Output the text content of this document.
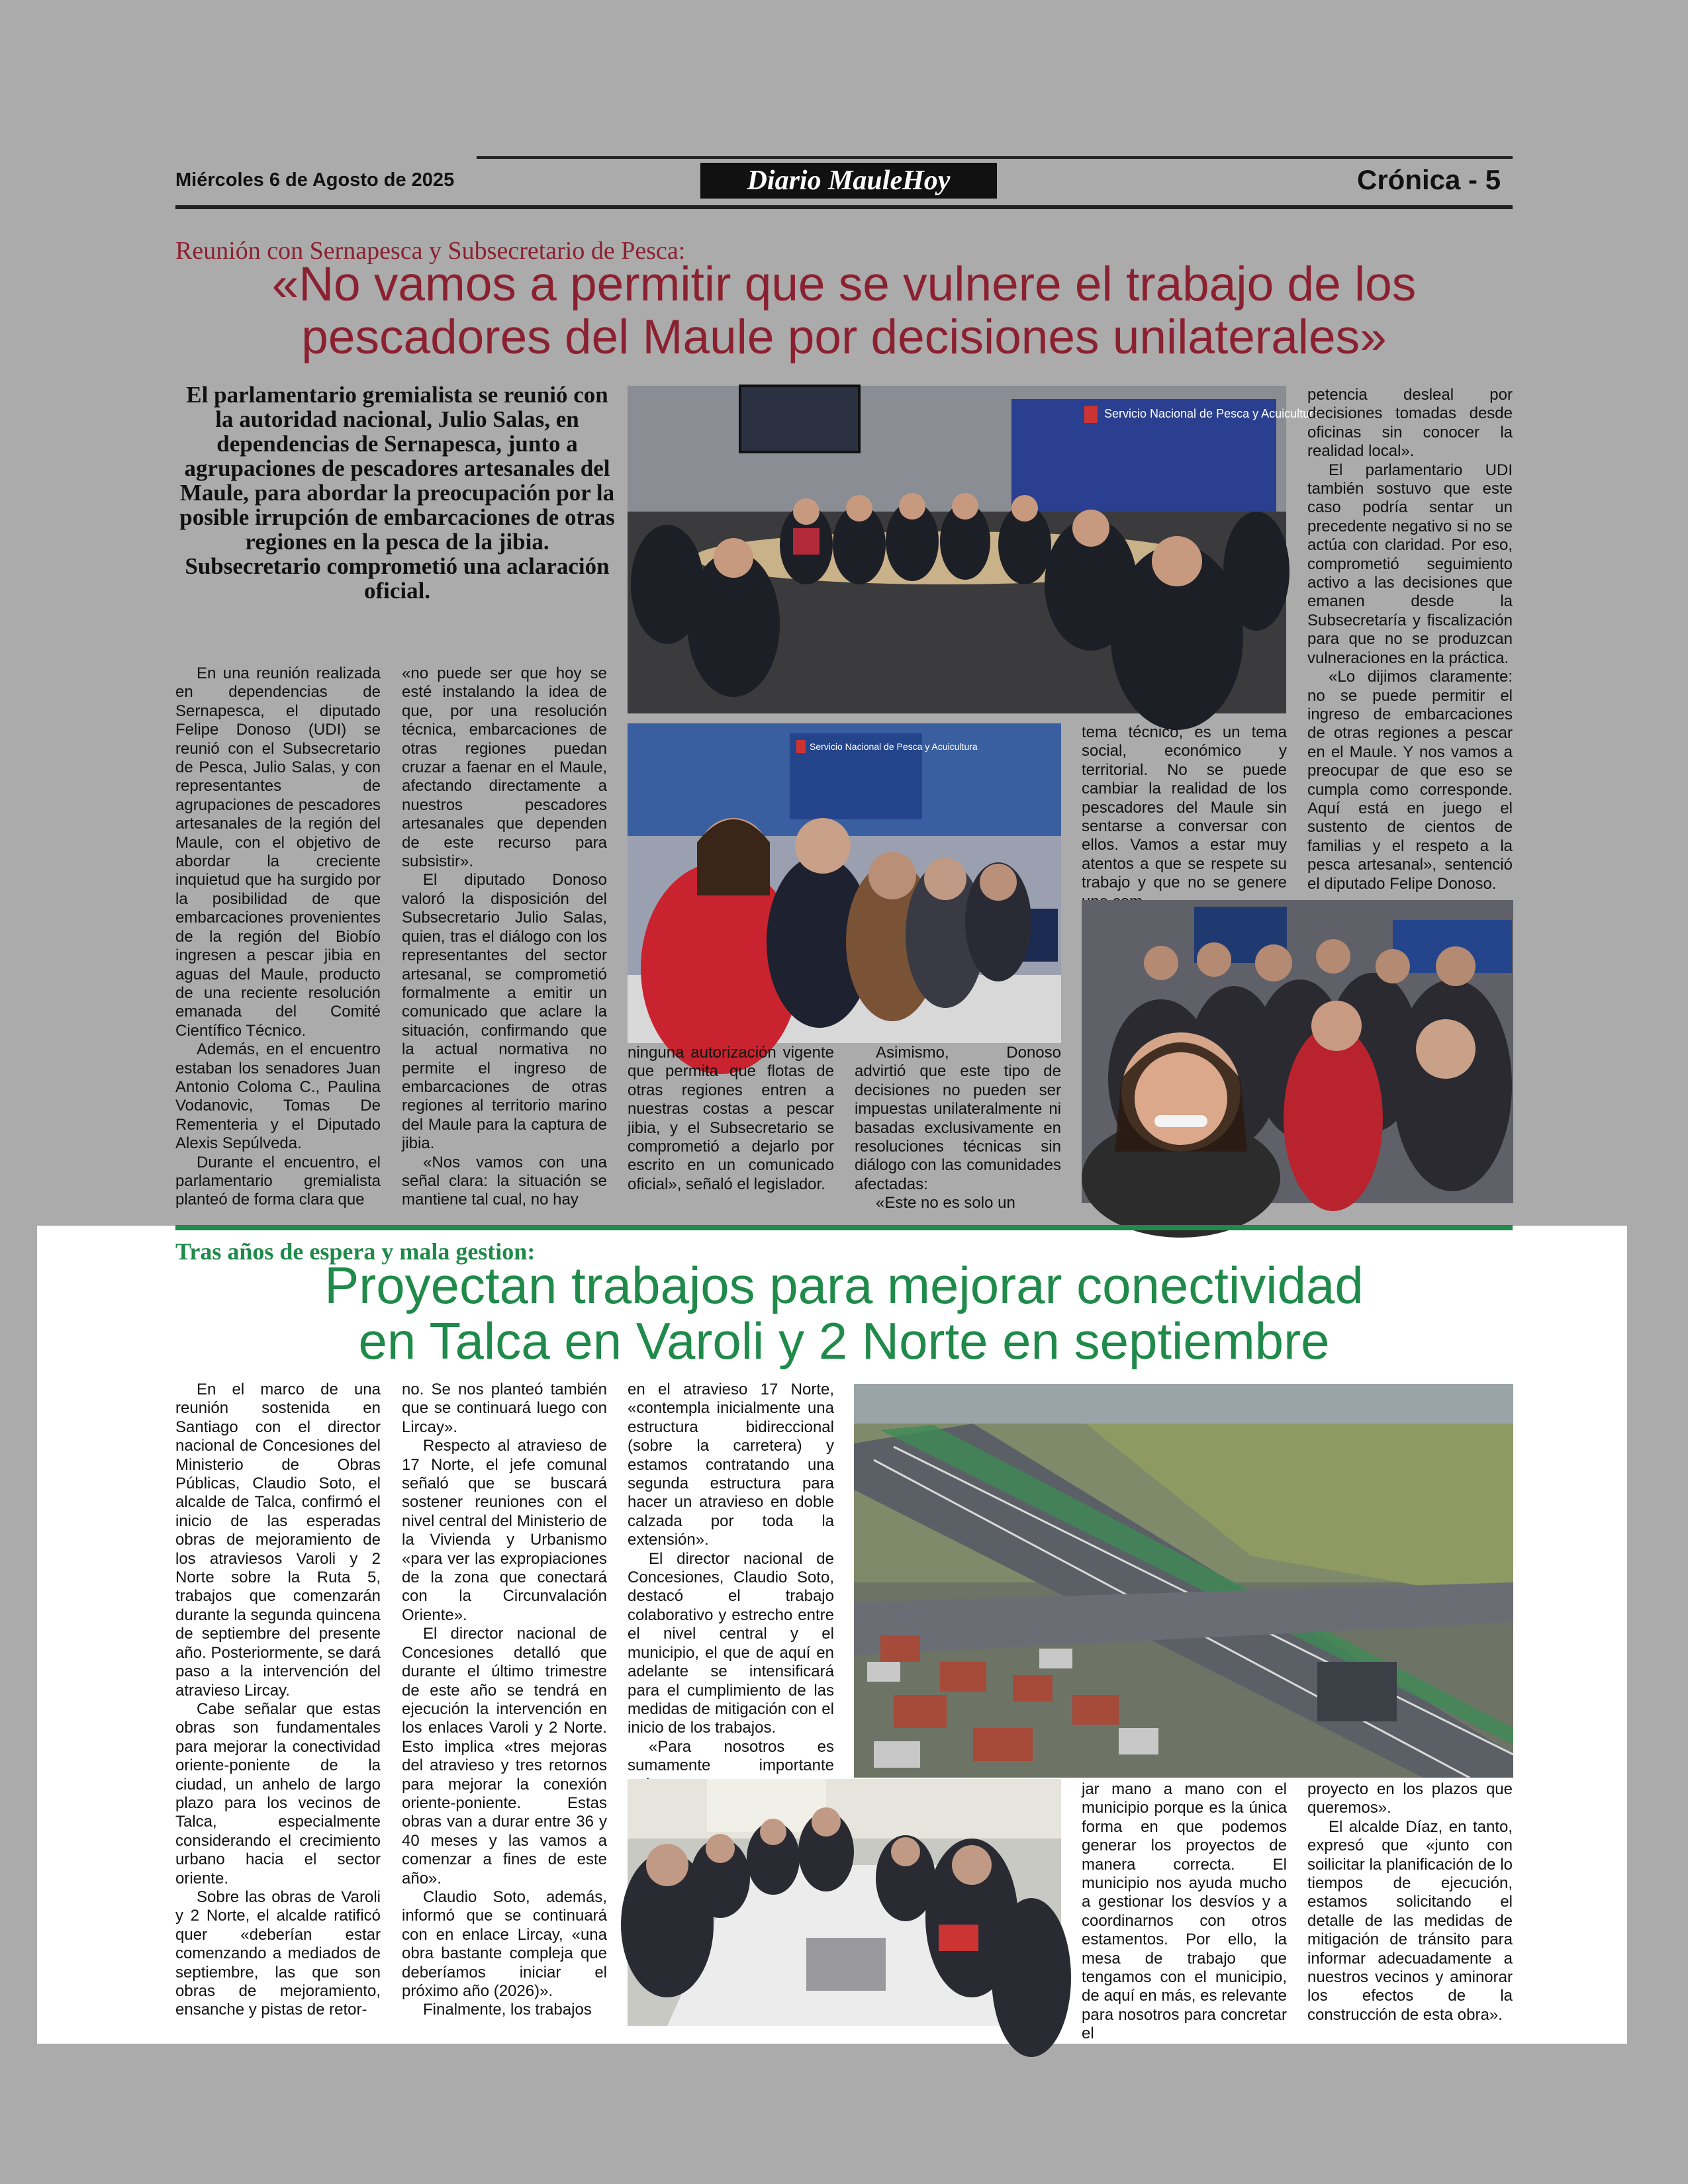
Miércoles 6 de Agosto de 2025	Diario MauleHoy	Crónica - 5
Reunión con Sernapesca y Subsecretario de Pesca:
«No vamos a permitir que se vulnere el trabajo de los pescadores del Maule por decisiones unilaterales»
El parlamentario gremialista se reunió con la autoridad nacional, Julio Salas, en dependencias de Sernapesca, junto a agrupaciones de pescadores artesanales del Maule, para abordar la preocupación por la posible irrupción de embarcaciones de otras regiones en la pesca de la jibia. Subsecretario comprometió una aclaración oficial.

En una reunión realizada en dependencias de Sernapesca, el diputado Felipe Donoso (UDI) se reunió con el Subsecretario de Pesca, Julio Salas, y con representantes de agrupaciones de pescadores artesanales de la región del Maule, con el objetivo de abordar la creciente inquietud que ha surgido por la posibilidad de que embarcaciones provenientes de la región del Biobío ingresen a pescar jibia en aguas del Maule, producto de una reciente resolución emanada del Comité Científico Técnico.

Además, en el encuentro estaban los senadores Juan Antonio Coloma C., Paulina Vodanovic, Tomas De Rementeria y el Diputado Alexis Sepúlveda.

Durante el encuentro, el parlamentario gremialista planteó de forma clara que

«no puede ser que hoy se esté instalando la idea de que, por una resolución técnica, embarcaciones de otras regiones puedan cruzar a faenar en el Maule, afectando directamente a nuestros pescadores artesanales que dependen de este recurso para subsistir».

El diputado Donoso valoró la disposición del Subsecretario Julio Salas, quien, tras el diálogo con los representantes del sector artesanal, se comprometió formalmente a emitir un comunicado que aclare la situación, confirmando que la actual normativa no permite el ingreso de embarcaciones de otras regiones al territorio marino del Maule para la captura de jibia.

«Nos vamos con una señal clara: la situación se mantiene tal cual, no hay

Servicio Nacional de Pesca y Acuicultura
Servicio Nacional de Pesca y Acuicultura

ninguna autorización vigente que permita que flotas de otras regiones entren a nuestras costas a pescar jibia, y el Subsecretario se comprometió a dejarlo por escrito en un comunicado oficial», señaló el legislador.

Asimismo, Donoso advirtió que este tipo de decisiones no pueden ser impuestas unilateralmente ni basadas exclusivamente en resoluciones técnicas sin diálogo con las comunidades afectadas:

«Este no es solo un

tema técnico, es un tema social, económico y territorial. No se puede cambiar la realidad de los pescadores del Maule sin sentarse a conversar con ellos. Vamos a estar muy atentos a que se respete su trabajo y que no se genere

petencia desleal por decisiones tomadas desde oficinas sin conocer la realidad local».

El parlamentario UDI también sostuvo que este caso podría sentar un precedente negativo si no se actúa con claridad. Por eso, comprometió seguimiento activo a las decisiones que emanen desde la Subsecretaría y fiscalización para que no se produzcan vulneraciones en la práctica.

«Lo dijimos claramente: no se puede permitir el ingreso de embarcaciones de otras regiones a pescar en el Maule. Y nos vamos a preocupar de que eso se cumpla como corresponde. Aquí está en juego el sustento de cientos de familias y el respeto a la pesca artesanal», sentenció el diputado Felipe Donoso.

Tras años de espera y mala gestion:
Proyectan trabajos para mejorar conectividad
en Talca en Varoli y 2 Norte en septiembre

En el marco de una reunión sostenida en Santiago con el director nacional de Concesiones del Ministerio de Obras Públicas, Claudio Soto, el alcalde de Talca, confirmó el inicio de las esperadas obras de mejoramiento de los atraviesos Varoli y 2 Norte sobre la Ruta 5, trabajos que comenzarán durante la segunda quincena de septiembre del presente año. Posteriormente, se dará paso a la intervención del atravieso Lircay.

Cabe señalar que estas obras son fundamentales para mejorar la conectividad oriente-poniente de la ciudad, un anhelo de largo plazo para los vecinos de Talca, especialmente considerando el crecimiento urbano hacia el sector oriente.

Sobre las obras de Varoli y 2 Norte, el alcalde ratificó quer «deberían estar comenzando a mediados de septiembre, las que son obras de mejoramiento, ensanche y pistas de retor-

no. Se nos planteó también que se continuará luego con Lircay».

Respecto al atravieso de 17 Norte, el jefe comunal señaló que se buscará sostener reuniones con el nivel central del Ministerio de la Vivienda y Urbanismo «para ver las expropiaciones de la zona que conectará con la Circunvalación Oriente».

El director nacional de Concesiones detalló que durante el último trimestre de este año se tendrá en ejecución la intervención en los enlaces Varoli y 2 Norte. Esto implica «tres mejoras del atravieso y tres retornos para mejorar la conexión oriente-poniente. Estas obras van a durar entre 36 y 40 meses y las vamos a comenzar a fines de este año».

Claudio Soto, además, informó que se continuará con en enlace Lircay, «una obra bastante compleja que deberíamos iniciar el próximo año (2026)».

Finalmente, los trabajos

en el atravieso 17 Norte, «contempla inicialmente una estructura bidireccional (sobre la carretera) y estamos contratando una segunda estructura para hacer un atravieso en doble calzada por toda la extensión».

El director nacional de Concesiones, Claudio Soto, destacó el trabajo colaborativo y estrecho entre el nivel central y el municipio, el que de aquí en adelante se intensificará para el cumplimiento de las medidas de mitigación con el inicio de los trabajos.

«Para nosotros es sumamente importante

jar mano a mano con el municipio porque es la única forma en que podemos generar los proyectos de manera correcta. El municipio nos ayuda mucho a gestionar los desvíos y a coordinarnos con otros estamentos. Por ello, la mesa de trabajo que tengamos con el municipio, de aquí en más, es relevante para nosotros para concretar el

proyecto en los plazos que queremos».

El alcalde Díaz, en tanto, expresó que «junto con soilicitar la planificación de lo tiempos de ejecución, estamos solicitando el detalle de las medidas de mitigación de tránsito para informar adecuadamente a nuestros vecinos y aminorar los efectos de la construcción de esta obra».
